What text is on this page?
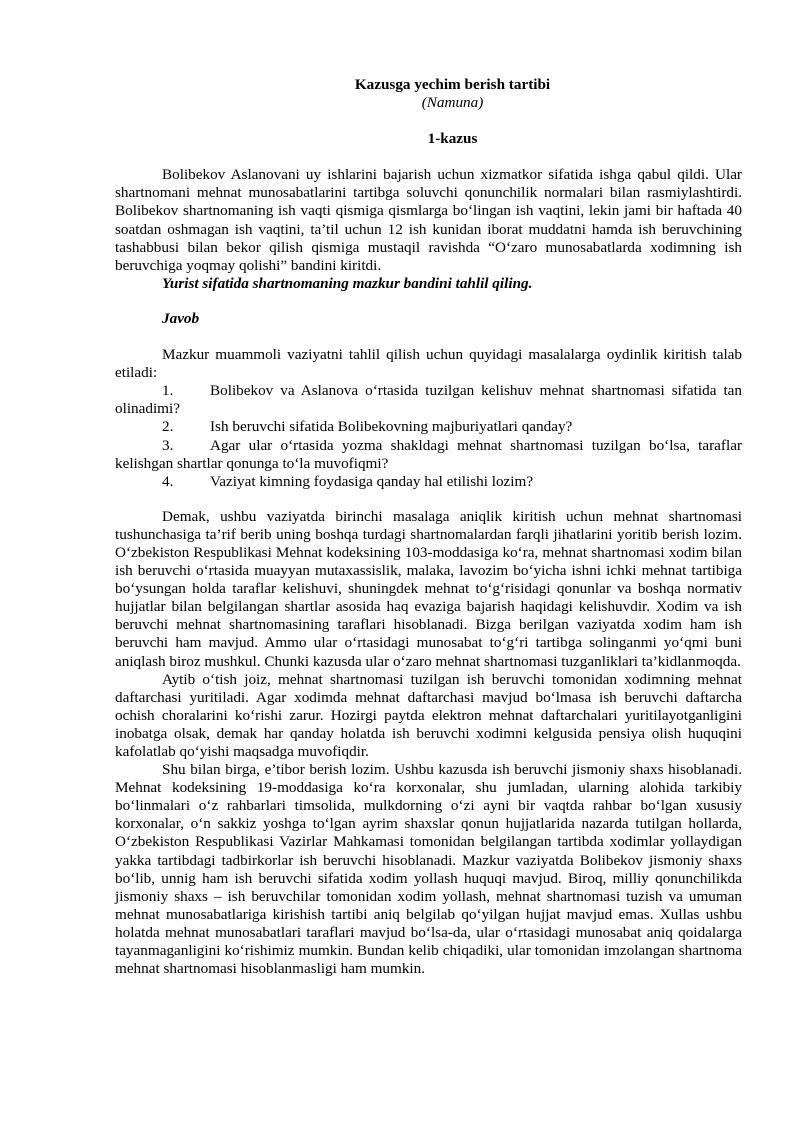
Kazusga yechim berish tartibi
(Namuna)
1-kazus

Bolibekov Aslanovani uy ishlarini bajarish uchun xizmatkor sifatida ishga qabul qildi. Ular shartnomani mehnat munosabatlarini tartibga soluvchi qonunchilik normalari bilan rasmiylashtirdi. Bolibekov shartnomaning ish vaqti qismiga qismlarga bo‘lingan ish vaqtini, lekin jami bir haftada 40 soatdan oshmagan ish vaqtini, ta’til uchun 12 ish kunidan iborat muddatni hamda ish beruvchining tashabbusi bilan bekor qilish qismiga mustaqil ravishda “O‘zaro munosabatlarda xodimning ish beruvchiga yoqmay qolishi” bandini kiritdi.

Yurist sifatida shartnomaning mazkur bandini tahlil qiling.

Javob

Mazkur muammoli vaziyatni tahlil qilish uchun quyidagi masalalarga oydinlik kiritish talab etiladi:

1. Bolibekov va Aslanova o‘rtasida tuzilgan kelishuv mehnat shartnomasi sifatida tan olinadimi?

2. Ish beruvchi sifatida Bolibekovning majburiyatlari qanday?

3. Agar ular o‘rtasida yozma shakldagi mehnat shartnomasi tuzilgan bo‘lsa, taraflar kelishgan shartlar qonunga to‘la muvofiqmi?

4. Vaziyat kimning foydasiga qanday hal etilishi lozim?

Demak, ushbu vaziyatda birinchi masalaga aniqlik kiritish uchun mehnat shartnomasi tushunchasiga ta’rif berib uning boshqa turdagi shartnomalardan farqli jihatlarini yoritib berish lozim. O‘zbekiston Respublikasi Mehnat kodeksining 103-moddasiga ko‘ra, mehnat shartnomasi xodim bilan ish beruvchi o‘rtasida muayyan mutaxassislik, malaka, lavozim bo‘yicha ishni ichki mehnat tartibiga bo‘ysungan holda taraflar kelishuvi, shuningdek mehnat to‘g‘risidagi qonunlar va boshqa normativ hujjatlar bilan belgilangan shartlar asosida haq evaziga bajarish haqidagi kelishuvdir. Xodim va ish beruvchi mehnat shartnomasining taraflari hisoblanadi. Bizga berilgan vaziyatda xodim ham ish beruvchi ham mavjud. Ammo ular o‘rtasidagi munosabat to‘g‘ri tartibga solinganmi yo‘qmi buni aniqlash biroz mushkul. Chunki kazusda ular o‘zaro mehnat shartnomasi tuzganliklari ta’kidlanmoqda.

Aytib o‘tish joiz, mehnat shartnomasi tuzilgan ish beruvchi tomonidan xodimning mehnat daftarchasi yuritiladi. Agar xodimda mehnat daftarchasi mavjud bo‘lmasa ish beruvchi daftarcha ochish choralarini ko‘rishi zarur. Hozirgi paytda elektron mehnat daftarchalari yuritilayotganligini inobatga olsak, demak har qanday holatda ish beruvchi xodimni kelgusida pensiya olish huquqini kafolatlab qo‘yishi maqsadga muvofiqdir.

Shu bilan birga, e’tibor berish lozim. Ushbu kazusda ish beruvchi jismoniy shaxs hisoblanadi. Mehnat kodeksining 19-moddasiga ko‘ra korxonalar, shu jumladan, ularning alohida tarkibiy bo‘linmalari o‘z rahbarlari timsolida, mulkdorning o‘zi ayni bir vaqtda rahbar bo‘lgan xususiy korxonalar, o‘n sakkiz yoshga to‘lgan ayrim shaxslar qonun hujjatlarida nazarda tutilgan hollarda, O‘zbekiston Respublikasi Vazirlar Mahkamasi tomonidan belgilangan tartibda xodimlar yollaydigan yakka tartibdagi tadbirkorlar ish beruvchi hisoblanadi. Mazkur vaziyatda Bolibekov jismoniy shaxs bo‘lib, unnig ham ish beruvchi sifatida xodim yollash huquqi mavjud. Biroq, milliy qonunchilikda jismoniy shaxs – ish beruvchilar tomonidan xodim yollash, mehnat shartnomasi tuzish va umuman mehnat munosabatlariga kirishish tartibi aniq belgilab qo‘yilgan hujjat mavjud emas. Xullas ushbu holatda mehnat munosabatlari taraflari mavjud bo‘lsa-da, ular o‘rtasidagi munosabat aniq qoidalarga tayanmaganligini ko‘rishimiz mumkin. Bundan kelib chiqadiki, ular tomonidan imzolangan shartnoma mehnat shartnomasi hisoblanmasligi ham mumkin.
